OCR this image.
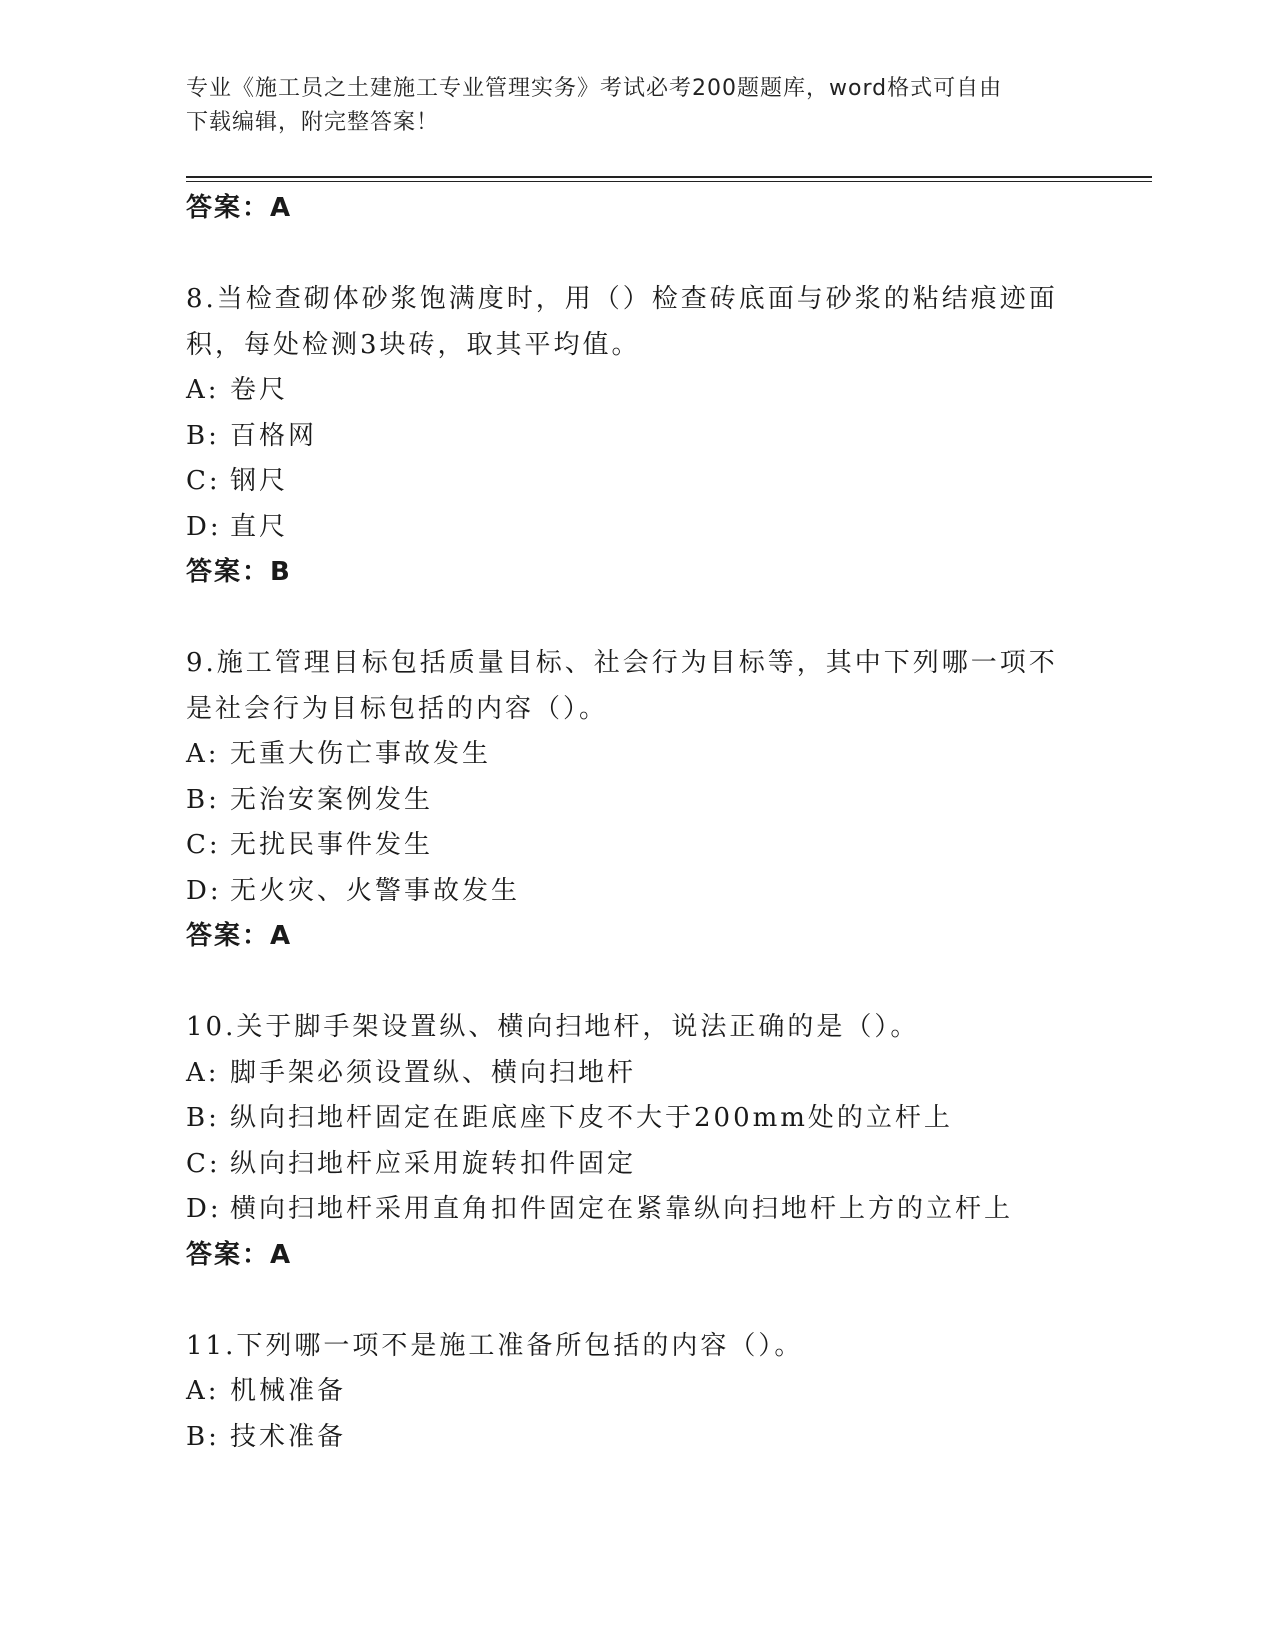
专业《施工员之土建施工专业管理实务》考试必考200题题库，word格式可自由
下载编辑，附完整答案！
答案：A
8.当检查砌体砂浆饱满度时，用（）检查砖底面与砂浆的粘结痕迹面
积，每处检测3块砖，取其平均值。
A: 卷尺
B: 百格网
C: 钢尺
D: 直尺
答案：B
9.施工管理目标包括质量目标、社会行为目标等，其中下列哪一项不
是社会行为目标包括的内容（）。
A: 无重大伤亡事故发生
B: 无治安案例发生
C: 无扰民事件发生
D: 无火灾、火警事故发生
答案：A
10.关于脚手架设置纵、横向扫地杆，说法正确的是（）。
A: 脚手架必须设置纵、横向扫地杆
B: 纵向扫地杆固定在距底座下皮不大于200mm处的立杆上
C: 纵向扫地杆应采用旋转扣件固定
D: 横向扫地杆采用直角扣件固定在紧靠纵向扫地杆上方的立杆上
答案：A
11.下列哪一项不是施工准备所包括的内容（）。
A: 机械准备
B: 技术准备
